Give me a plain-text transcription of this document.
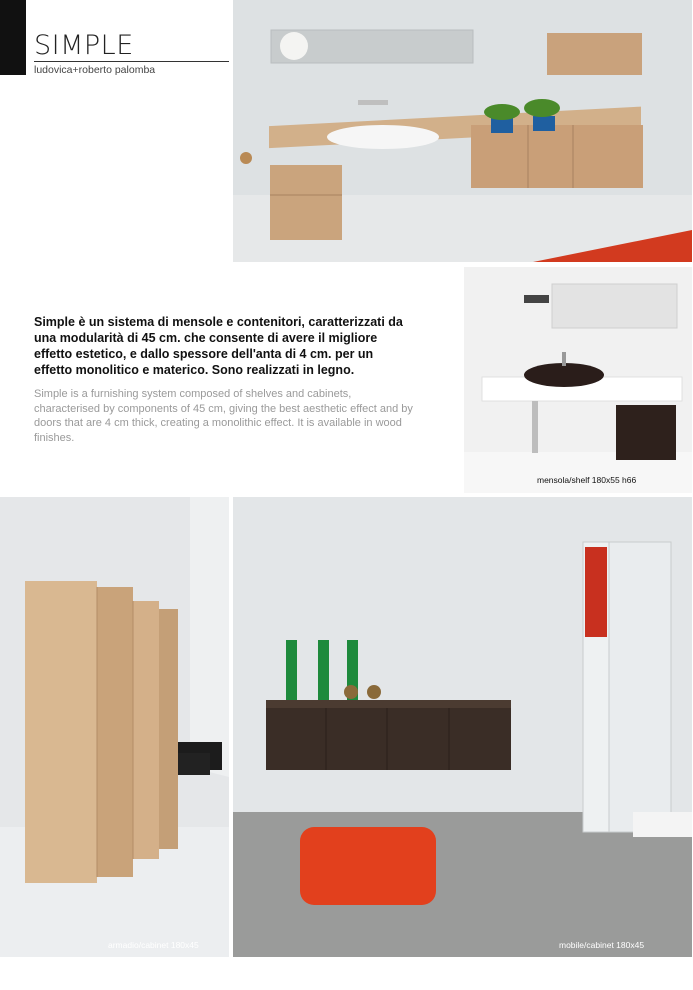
SIMPLE
ludovica+roberto palomba
Simple è un sistema di mensole e contenitori, caratterizzati da una modularità di 45 cm. che consente di avere il migliore effetto estetico, e dallo spessore dell'anta di 4 cm. per un effetto monolitico e materico. Sono realizzati in legno.
Simple is a furnishing system composed of shelves and cabinets, characterised by components of 45 cm, giving the best aesthetic effect and by doors that are 4 cm thick, creating a monolithic effect. It is available in wood finishes.
mensola/shelf 180x55 h66
armadio/cabinet 180x45	mobile/cabinet 180x45
